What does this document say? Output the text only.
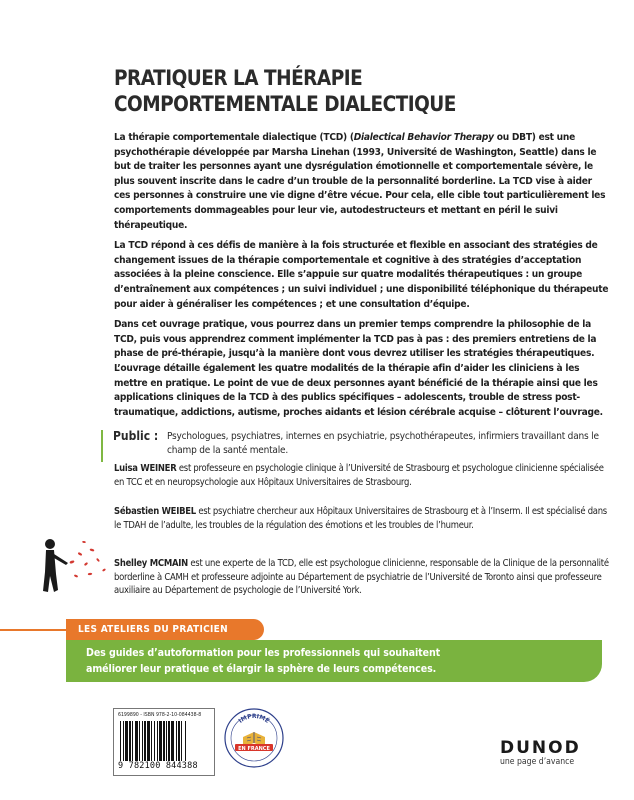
PRATIQUER LA THÉRAPIE
COMPORTEMENTALE DIALECTIQUE

La thérapie comportementale dialectique (TCD) (Dialectical Behavior Therapy ou DBT) est une psychothérapie développée par Marsha Linehan (1993, Université de Washington, Seattle) dans le but de traiter les personnes ayant une dysrégulation émotionnelle et comportementale sévère, le plus souvent inscrite dans le cadre d’un trouble de la personnalité borderline. La TCD vise à aider ces personnes à construire une vie digne d’être vécue. Pour cela, elle cible tout particulièrement les comportements dommageables pour leur vie, autodestructeurs et mettant en péril le suivi thérapeutique.

La TCD répond à ces défis de manière à la fois structurée et flexible en associant des stratégies de changement issues de la thérapie comportementale et cognitive à des stratégies d’acceptation associées à la pleine conscience. Elle s’appuie sur quatre modalités thérapeutiques : un groupe d’entraînement aux compétences ; un suivi individuel ; une disponibilité téléphonique du thérapeute pour aider à généraliser les compétences ; et une consultation d’équipe.

Dans cet ouvrage pratique, vous pourrez dans un premier temps comprendre la philosophie de la TCD, puis vous apprendrez comment implémenter la TCD pas à pas : des premiers entretiens de la phase de pré-thérapie, jusqu’à la manière dont vous devrez utiliser les stratégies thérapeutiques. L’ouvrage détaille également les quatre modalités de la thérapie afin d’aider les cliniciens à les mettre en pratique. Le point de vue de deux personnes ayant bénéficié de la thérapie ainsi que les applications cliniques de la TCD à des publics spécifiques – adolescents, trouble de stress post-traumatique, addictions, autisme, proches aidants et lésion cérébrale acquise – clôturent l’ouvrage.

Public : Psychologues, psychiatres, internes en psychiatrie, psychothérapeutes, infirmiers travaillant dans le champ de la santé mentale.
Luisa WEINER est professeure en psychologie clinique à l’Université de Strasbourg et psychologue clinicienne spécialisée en TCC et en neuropsychologie aux Hôpitaux Universitaires de Strasbourg.
Sébastien WEIBEL est psychiatre chercheur aux Hôpitaux Universitaires de Strasbourg et à l’Inserm. Il est spécialisé dans le TDAH de l’adulte, les troubles de la régulation des émotions et les troubles de l’humeur.
Shelley MCMAIN est une experte de la TCD, elle est psychologue clinicienne, responsable de la Clinique de la personnalité borderline à CAMH et professeure adjointe au Département de psychiatrie de l’Université de Toronto ainsi que professeure auxiliaire au Département de psychologie de l’Université York.
LES ATELIERS DU PRATICIEN
Des guides d’autoformation pour les professionnels qui souhaitent
améliorer leur pratique et élargir la sphère de leurs compétences.
6199890 - ISBN 978-2-10-084438-8
9 782100 844388
IMPRIMÉ
EN FRANCE	DUNOD
une page d’avance
